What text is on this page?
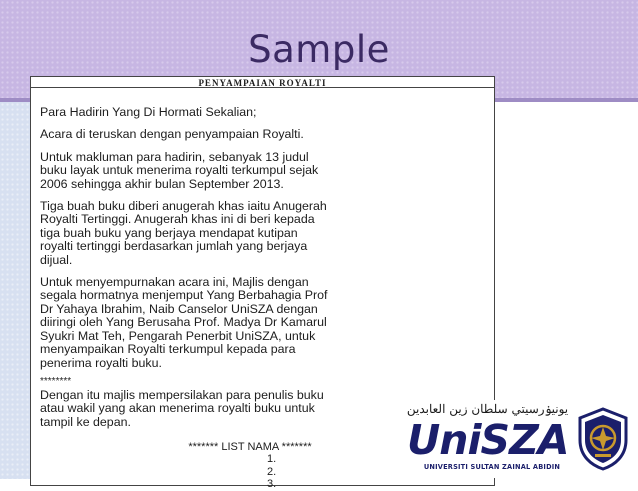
Sample
PENYAMPAIAN ROYALTI
Para Hadirin Yang Di Hormati Sekalian;
Acara di teruskan dengan penyampaian Royalti.
Untuk makluman para hadirin, sebanyak 13 judul
buku layak untuk menerima royalti terkumpul sejak
2006 sehingga akhir bulan September 2013.
Tiga buah buku diberi anugerah khas iaitu Anugerah
Royalti Tertinggi. Anugerah khas ini di beri kepada
tiga buah buku yang berjaya mendapat kutipan
royalti tertinggi berdasarkan jumlah yang berjaya
dijual.
Untuk menyempurnakan acara ini, Majlis dengan
segala hormatnya menjemput Yang Berbahagia Prof
Dr Yahaya Ibrahim, Naib Canselor UniSZA dengan
diiringi oleh Yang Berusaha Prof. Madya Dr Kamarul
Syukri Mat Teh, Pengarah Penerbit UniSZA, untuk
menyampaikan Royalti terkumpul kepada para
penerima royalti buku.
********
Dengan itu majlis mempersilakan para penulis buku
atau wakil yang akan menerima royalti buku untuk
tampil ke depan.
******* LIST NAMA *******
1.
2.
3.
يونيۏرسيتي سلطان زين العابدين
UniSZA
UNIVERSITI SULTAN ZAINAL ABIDIN
